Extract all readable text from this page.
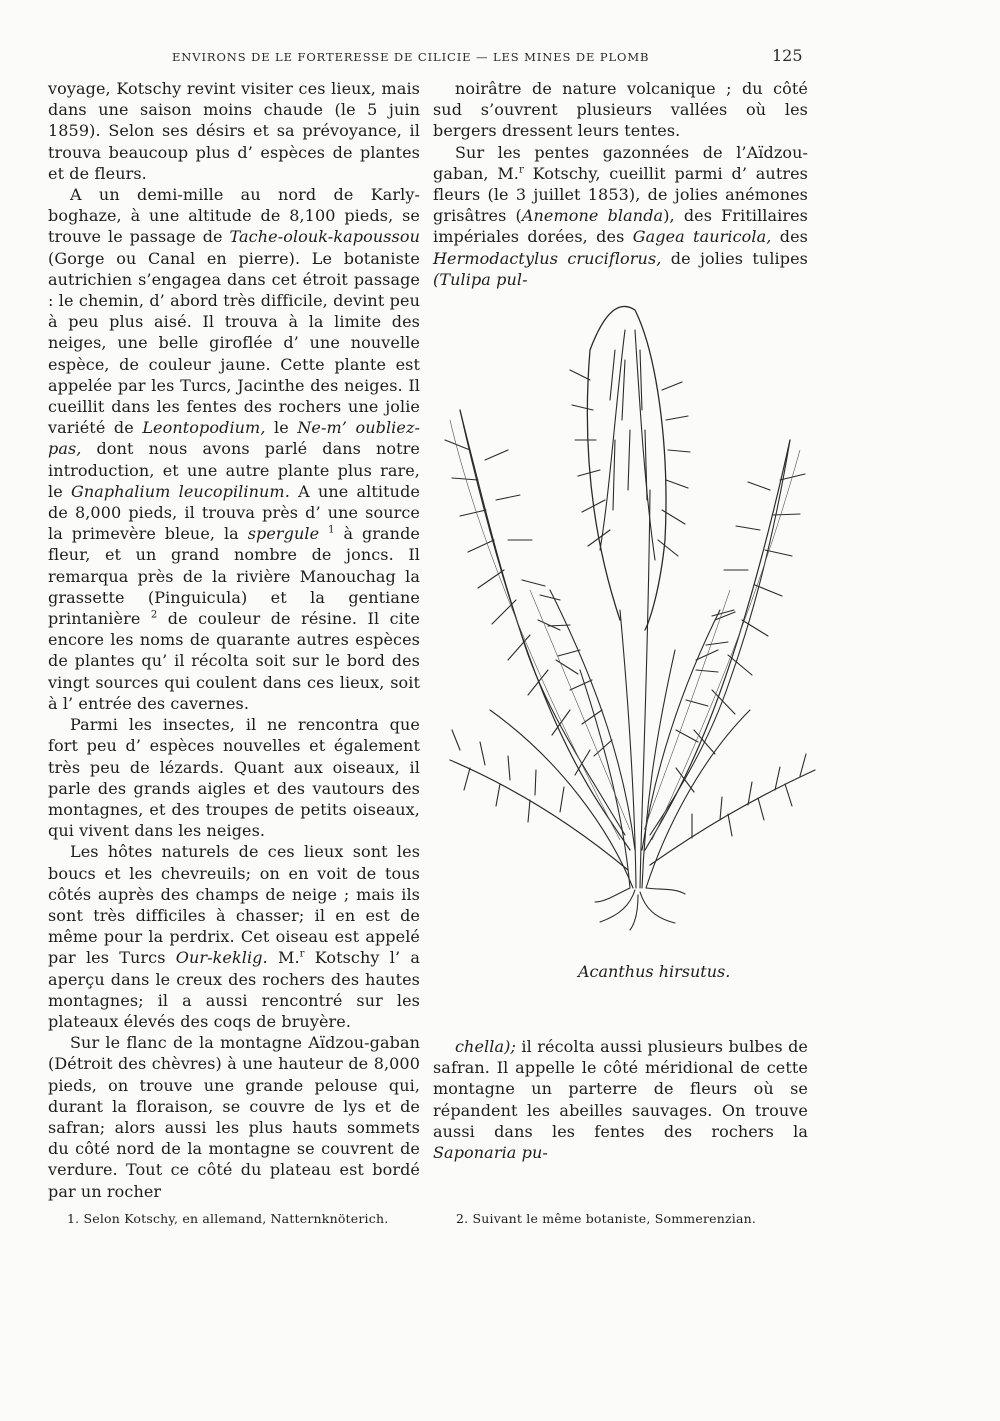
ENVIRONS DE LE FORTERESSE DE CILICIE — LES MINES DE PLOMB	125

voyage, Kotschy revint visiter ces lieux, mais dans une saison moins chaude (le 5 juin 1859). Selon ses désirs et sa prévoyance, il trouva beaucoup plus d’ espèces de plantes et de fleurs.

A un demi-mille au nord de Karly-boghaze, à une altitude de 8,100 pieds, se trouve le passage de Tache-olouk-kapoussou (Gorge ou Canal en pierre). Le botaniste autrichien s’engagea dans cet étroit passage : le chemin, d’ abord très difficile, devint peu à peu plus aisé. Il trouva à la limite des neiges, une belle giroflée d’ une nouvelle espèce, de couleur jaune. Cette plante est appelée par les Turcs, Jacinthe des neiges. Il cueillit dans les fentes des rochers une jolie variété de Leontopodium, le Ne-m’ oubliez-pas, dont nous avons parlé dans notre introduction, et une autre plante plus rare, le Gnaphalium leucopilinum. A une altitude de 8,000 pieds, il trouva près d’ une source la primevère bleue, la spergule $^1$ à grande fleur, et un grand nombre de joncs. Il remarqua près de la rivière Manouchag la grassette (Pinguicula) et la gentiane printanière $^2$ de couleur de résine. Il cite encore les noms de quarante autres espèces de plantes qu’ il récolta soit sur le bord des vingt sources qui coulent dans ces lieux, soit à l’ entrée des cavernes.

Parmi les insectes, il ne rencontra que fort peu d’ espèces nouvelles et également très peu de lézards. Quant aux oiseaux, il parle des grands aigles et des vautours des montagnes, et des troupes de petits oiseaux, qui vivent dans les neiges.

Les hôtes naturels de ces lieux sont les boucs et les chevreuils; on en voit de tous côtés auprès des champs de neige ; mais ils sont très difficiles à chasser; il en est de même pour la perdrix. Cet oiseau est appelé par les Turcs Our-keklig. M.$^r$ Kotschy l’ a aperçu dans le creux des rochers des hautes montagnes; il a aussi rencontré sur les plateaux élevés des coqs de bruyère.

Sur le flanc de la montagne Aïdzou-gaban (Détroit des chèvres) à une hauteur de 8,000 pieds, on trouve une grande pelouse qui, durant la floraison, se couvre de lys et de safran; alors aussi les plus hauts sommets du côté nord de la montagne se couvrent de verdure. Tout ce côté du plateau est bordé par un rocher

noirâtre de nature volcanique ; du côté sud s’ouvrent plusieurs vallées où les bergers dressent leurs tentes.

Sur les pentes gazonnées de l’Aïdzou-gaban, M.$^r$ Kotschy, cueillit parmi d’ autres fleurs (le 3 juillet 1853), de jolies anémones grisâtres (Anemone blanda), des Fritillaires impériales dorées, des Gagea tauricola, des Hermodactylus cruciflorus, de jolies tulipes (Tulipa pul-

Acanthus hirsutus.

chella); il récolta aussi plusieurs bulbes de safran. Il appelle le côté méridional de cette montagne un parterre de fleurs où se répandent les abeilles sauvages. On trouve aussi dans les fentes des rochers la Saponaria pu-

1. Selon Kotschy, en allemand, Natternknöterich.	2. Suivant le même botaniste, Sommerenzian.
